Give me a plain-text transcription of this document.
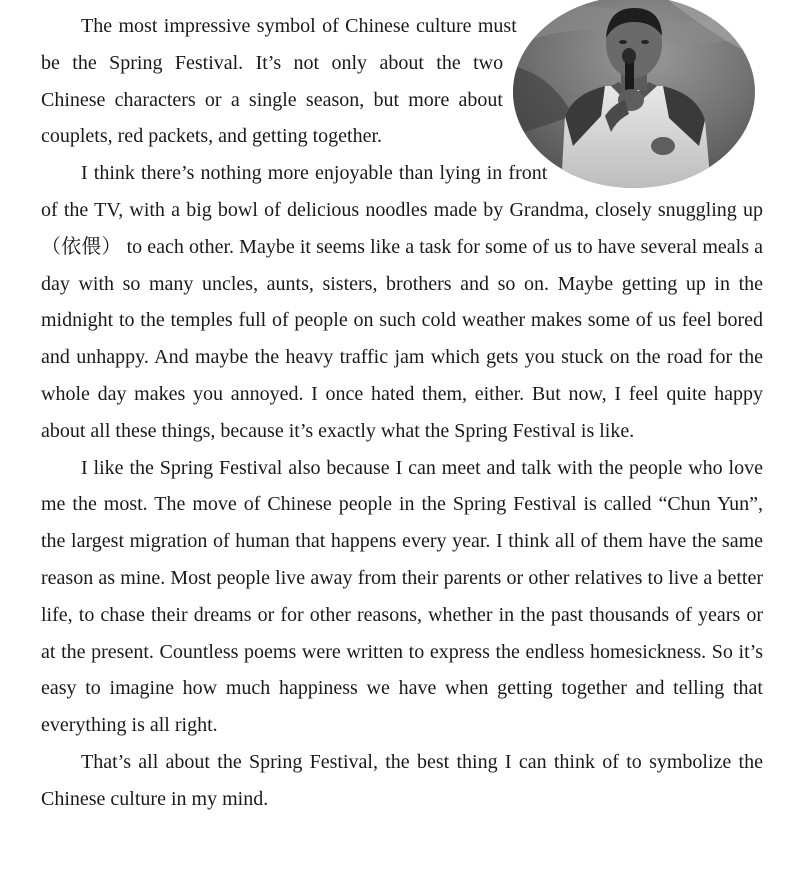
The most impressive symbol of Chinese culture must be the Spring Festival. It’s not only about the two Chinese characters or a single season, but more about couplets, red packets, and getting together.

I think there’s nothing more enjoyable than lying in front of the TV, with a big bowl of delicious noodles made by Grandma, closely snuggling up（依偎） to each other. Maybe it seems like a task for some of us to have several meals a day with so many uncles, aunts, sisters, brothers and so on. Maybe getting up in the midnight to the temples full of people on such cold weather makes some of us feel bored and unhappy. And maybe the heavy traffic jam which gets you stuck on the road for the whole day makes you annoyed. I once hated them, either. But now, I feel quite happy about all these things, because it’s exactly what the Spring Festival is like.

I like the Spring Festival also because I can meet and talk with the people who love me the most. The move of Chinese people in the Spring Festival is called “Chun Yun”, the largest migration of human that happens every year. I think all of them have the same reason as mine. Most people live away from their parents or other relatives to live a better life, to chase their dreams or for other reasons, whether in the past thousands of years or at the present. Countless poems were written to express the endless homesickness. So it’s easy to imagine how much happiness we have when getting together and telling that everything is all right.

That’s all about the Spring Festival, the best thing I can think of to symbolize the Chinese culture in my mind.
